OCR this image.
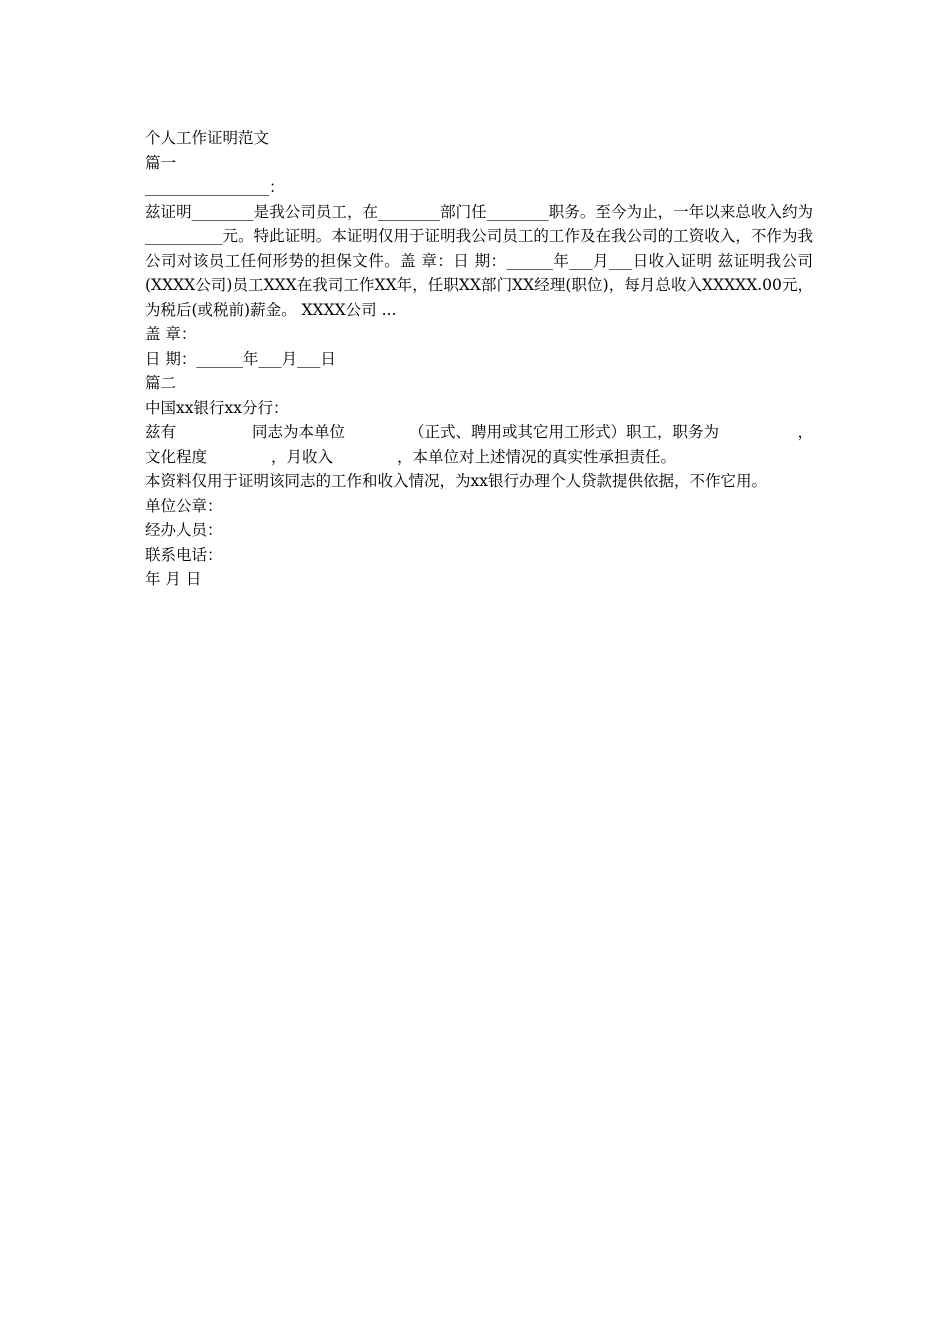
个人工作证明范文

篇一

________________：

兹证明________是我公司员工，在________部门任________职务。至今为止，一年以来总收入约为__________元。特此证明。本证明仅用于证明我公司员工的工作及在我公司的工资收入，不作为我公司对该员工任何形势的担保文件。盖 章：日 期：______年___月___日收入证明 兹证明我公司(XXXX公司)员工XXX在我司工作XX年，任职XX部门XX经理(职位)，每月总收入XXXXX.00元，为税后(或税前)薪金。 XXXX公司 ...

盖 章：

日 期：______年___月___日

篇二

中国xx银行xx分行：

兹有	同志为本单位	（正式、聘用或其它用工形式）职工，职务为	，
文化程度	，月收入	，本单位对上述情况的真实性承担责任。

本资料仅用于证明该同志的工作和收入情况，为xx银行办理个人贷款提供依据，不作它用。

单位公章：

经办人员：

联系电话：

年 月 日
